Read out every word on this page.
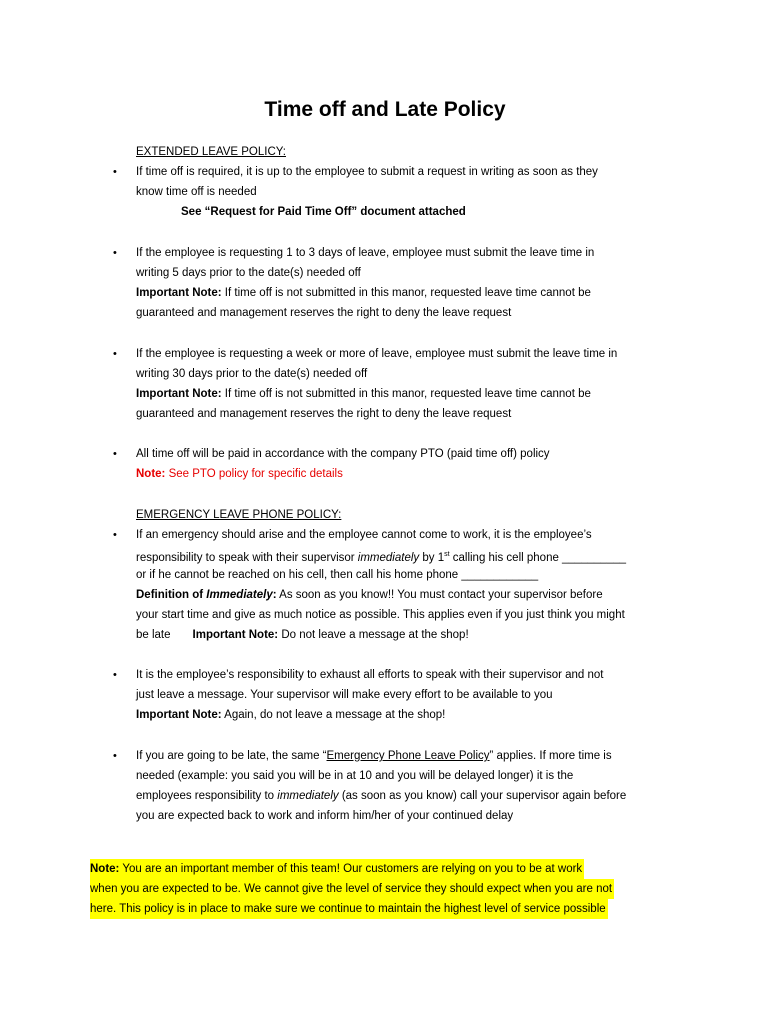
Time off and Late Policy
EXTENDED LEAVE POLICY:
• If time off is required, it is up to the employee to submit a request in writing as soon as they
know time off is needed
See “Request for Paid Time Off” document attached
• If the employee is requesting 1 to 3 days of leave, employee must submit the leave time in
writing 5 days prior to the date(s) needed off
Important Note: If time off is not submitted in this manor, requested leave time cannot be
guaranteed and management reserves the right to deny the leave request
• If the employee is requesting a week or more of leave, employee must submit the leave time in
writing 30 days prior to the date(s) needed off
Important Note: If time off is not submitted in this manor, requested leave time cannot be
guaranteed and management reserves the right to deny the leave request
• All time off will be paid in accordance with the company PTO (paid time off) policy
Note: See PTO policy for specific details
EMERGENCY LEAVE PHONE POLICY:
• If an emergency should arise and the employee cannot come to work, it is the employee’s
responsibility to speak with their supervisor immediately by 1st calling his cell phone __________
or if he cannot be reached on his cell, then call his home phone ____________
Definition of Immediately: As soon as you know!! You must contact your supervisor before
your start time and give as much notice as possible. This applies even if you just think you might
be late Important Note: Do not leave a message at the shop!
• It is the employee’s responsibility to exhaust all efforts to speak with their supervisor and not
just leave a message. Your supervisor will make every effort to be available to you
Important Note: Again, do not leave a message at the shop!
• If you are going to be late, the same “Emergency Phone Leave Policy” applies. If more time is
needed (example: you said you will be in at 10 and you will be delayed longer) it is the
employees responsibility to immediately (as soon as you know) call your supervisor again before
you are expected back to work and inform him/her of your continued delay
Note: You are an important member of this team! Our customers are relying on you to be at work
when you are expected to be. We cannot give the level of service they should expect when you are not
here. This policy is in place to make sure we continue to maintain the highest level of service possible
